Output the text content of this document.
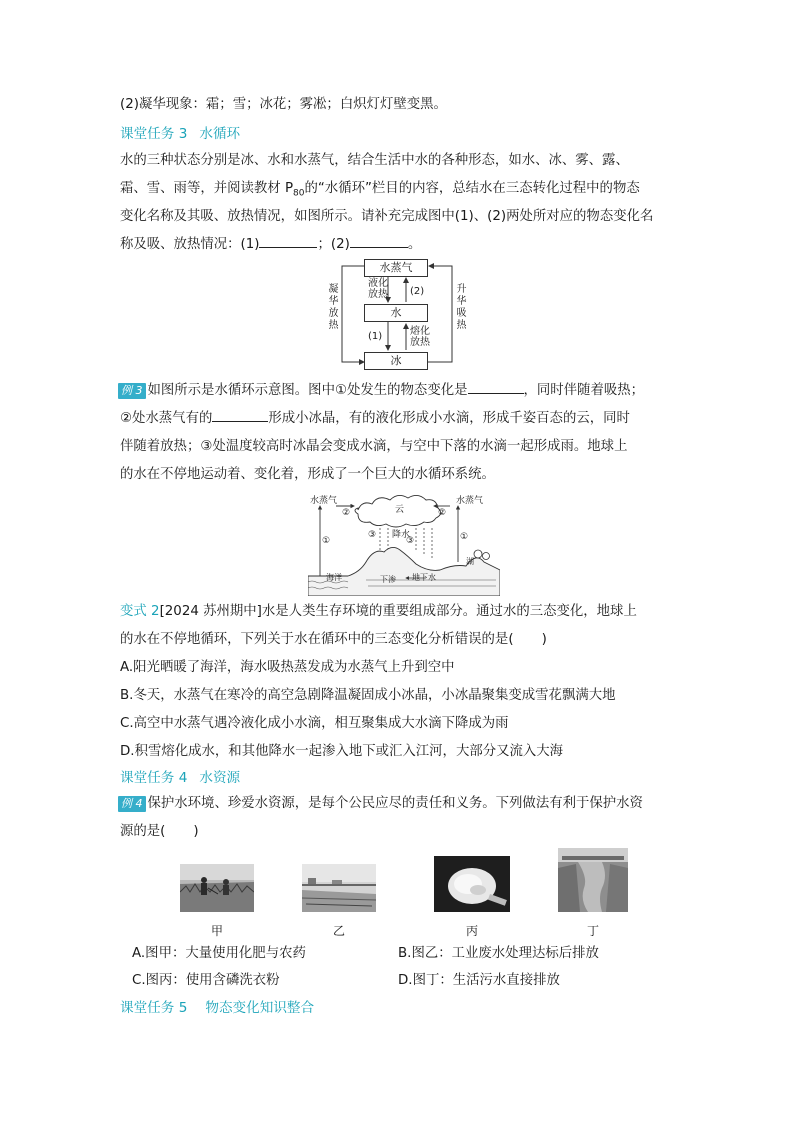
(2)凝华现象：霜；雪；冰花；雾凇；白炽灯灯壁变黑。

课堂任务 3 水循环

水的三种状态分别是冰、水和水蒸气，结合生活中水的各种形态，如水、冰、雾、露、

霜、雪、雨等，并阅读教材 $P_{80}$的“水循环”栏目的内容，总结水在三态转化过程中的物态

变化名称及其吸、放热情况，如图所示。请补充完成图中(1)、(2)两处所对应的物态变化名

称及吸、放热情况：(1)	；(2)	。

水蒸气
水
冰
凝华放热
升华吸热
液化放热 (2)
(1)	熔化放热

例 3 如图所示是水循环示意图。图中①处发生的物态变化是	，同时伴随着吸热；

②处水蒸气有的	形成小冰晶，有的液化形成小水滴，形成千姿百态的云，同时

伴随着放热；③处温度较高时冰晶会变成水滴，与空中下落的水滴一起形成雨。地球上

的水在不停地运动着、变化着，形成了一个巨大的水循环系统。

水蒸气	水蒸气
云
降水
②	②
①	①
③
③
海洋
湖
下渗 地下水

变式 2[2024 苏州期中]水是人类生存环境的重要组成部分。通过水的三态变化，地球上

的水在不停地循环，下列关于水在循环中的三态变化分析错误的是( )

A.阳光晒暖了海洋，海水吸热蒸发成为水蒸气上升到空中

B.冬天，水蒸气在寒冷的高空急剧降温凝固成小冰晶，小冰晶聚集变成雪花飘满大地

C.高空中水蒸气遇冷液化成小水滴，相互聚集成大水滴下降成为雨

D.积雪熔化成水，和其他降水一起渗入地下或汇入江河，大部分又流入大海

课堂任务 4 水资源

例 4 保护水环境、珍爱水资源，是每个公民应尽的责任和义务。下列做法有利于保护水资

源的是( )

甲	乙	丙	丁
A.图甲：大量使用化肥与农药	B.图乙：工业废水处理达标后排放
C.图丙：使用含磷洗衣粉	D.图丁：生活污水直接排放

课堂任务 5 物态变化知识整合
